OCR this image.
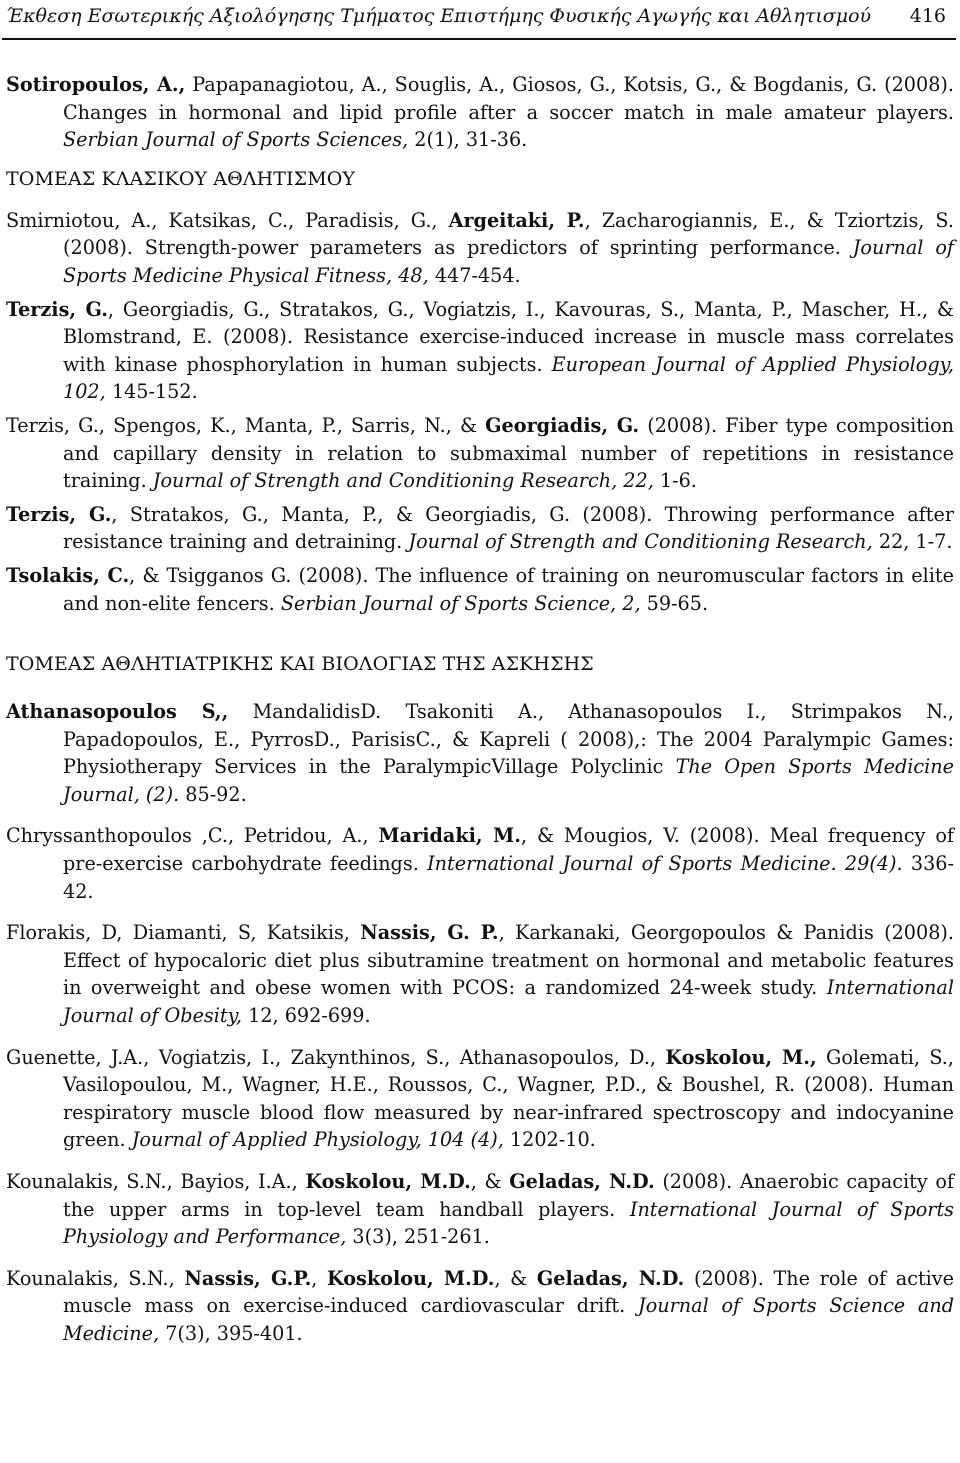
Έκθεση Εσωτερικής Αξιολόγησης Τμήματος Επιστήμης Φυσικής Αγωγής και Αθλητισμού 416

Sotiropoulos, A., Papapanagiotou, A., Souglis, A., Giosos, G., Kotsis, G., & Bogdanis, G. (2008). Changes in hormonal and lipid profile after a soccer match in male amateur players. Serbian Journal of Sports Sciences, 2(1), 31-36.

ΤΟΜΕΑΣ ΚΛΑΣΙΚΟΥ ΑΘΛΗΤΙΣΜΟΥ

Smirniotou, A., Katsikas, C., Paradisis, G., Argeitaki, P., Zacharogiannis, E., & Tziortzis, S. (2008). Strength-power parameters as predictors of sprinting performance. Journal of Sports Medicine Physical Fitness, 48, 447-454.

Terzis, G., Georgiadis, G., Stratakos, G., Vogiatzis, I., Kavouras, S., Manta, P., Mascher, H., & Blomstrand, E. (2008). Resistance exercise-induced increase in muscle mass correlates with kinase phosphorylation in human subjects. European Journal of Applied Physiology, 102, 145-152.

Terzis, G., Spengos, K., Manta, P., Sarris, N., & Georgiadis, G. (2008). Fiber type composition and capillary density in relation to submaximal number of repetitions in resistance training. Journal of Strength and Conditioning Research, 22, 1-6.

Terzis, G., Stratakos, G., Manta, P., & Georgiadis, G. (2008). Throwing performance after resistance training and detraining. Journal of Strength and Conditioning Research, 22, 1-7.

Tsolakis, C., & Tsigganos G. (2008). The influence of training on neuromuscular factors in elite and non-elite fencers. Serbian Journal of Sports Science, 2, 59-65.

ΤΟΜΕΑΣ ΑΘΛΗΤΙΑΤΡΙΚΗΣ ΚΑΙ ΒΙΟΛΟΓΙΑΣ ΤΗΣ ΑΣΚΗΣΗΣ

Athanasopoulos S,, MandalidisD. Tsakoniti A., Athanasopoulos I., Strimpakos N., Papadopoulos, E., PyrrosD., ParisisC., & Kapreli ( 2008),: The 2004 Paralympic Games: Physiotherapy Services in the ParalympicVillage Polyclinic The Open Sports Medicine Journal, (2). 85-92.

Chryssanthopoulos ,C., Petridou, A., Maridaki, M., & Mougios, V. (2008). Meal frequency of pre-exercise carbohydrate feedings. International Journal of Sports Medicine. 29(4). 336-42.

Florakis, D, Diamanti, S, Katsikis, Nassis, G. P., Karkanaki, Georgopoulos & Panidis (2008). Effect of hypocaloric diet plus sibutramine treatment on hormonal and metabolic features in overweight and obese women with PCOS: a randomized 24-week study. International Journal of Obesity, 12, 692-699.

Guenette, J.A., Vogiatzis, I., Zakynthinos, S., Athanasopoulos, D., Koskolou, M., Golemati, S., Vasilopoulou, M., Wagner, H.E., Roussos, C., Wagner, P.D., & Boushel, R. (2008). Human respiratory muscle blood flow measured by near-infrared spectroscopy and indocyanine green. Journal of Applied Physiology, 104 (4), 1202-10.

Kounalakis, S.N., Bayios, I.A., Koskolou, M.D., & Geladas, N.D. (2008). Anaerobic capacity of the upper arms in top-level team handball players. International Journal of Sports Physiology and Performance, 3(3), 251-261.

Kounalakis, S.N., Nassis, G.P., Koskolou, M.D., & Geladas, N.D. (2008). The role of active muscle mass on exercise-induced cardiovascular drift. Journal of Sports Science and Medicine, 7(3), 395-401.
